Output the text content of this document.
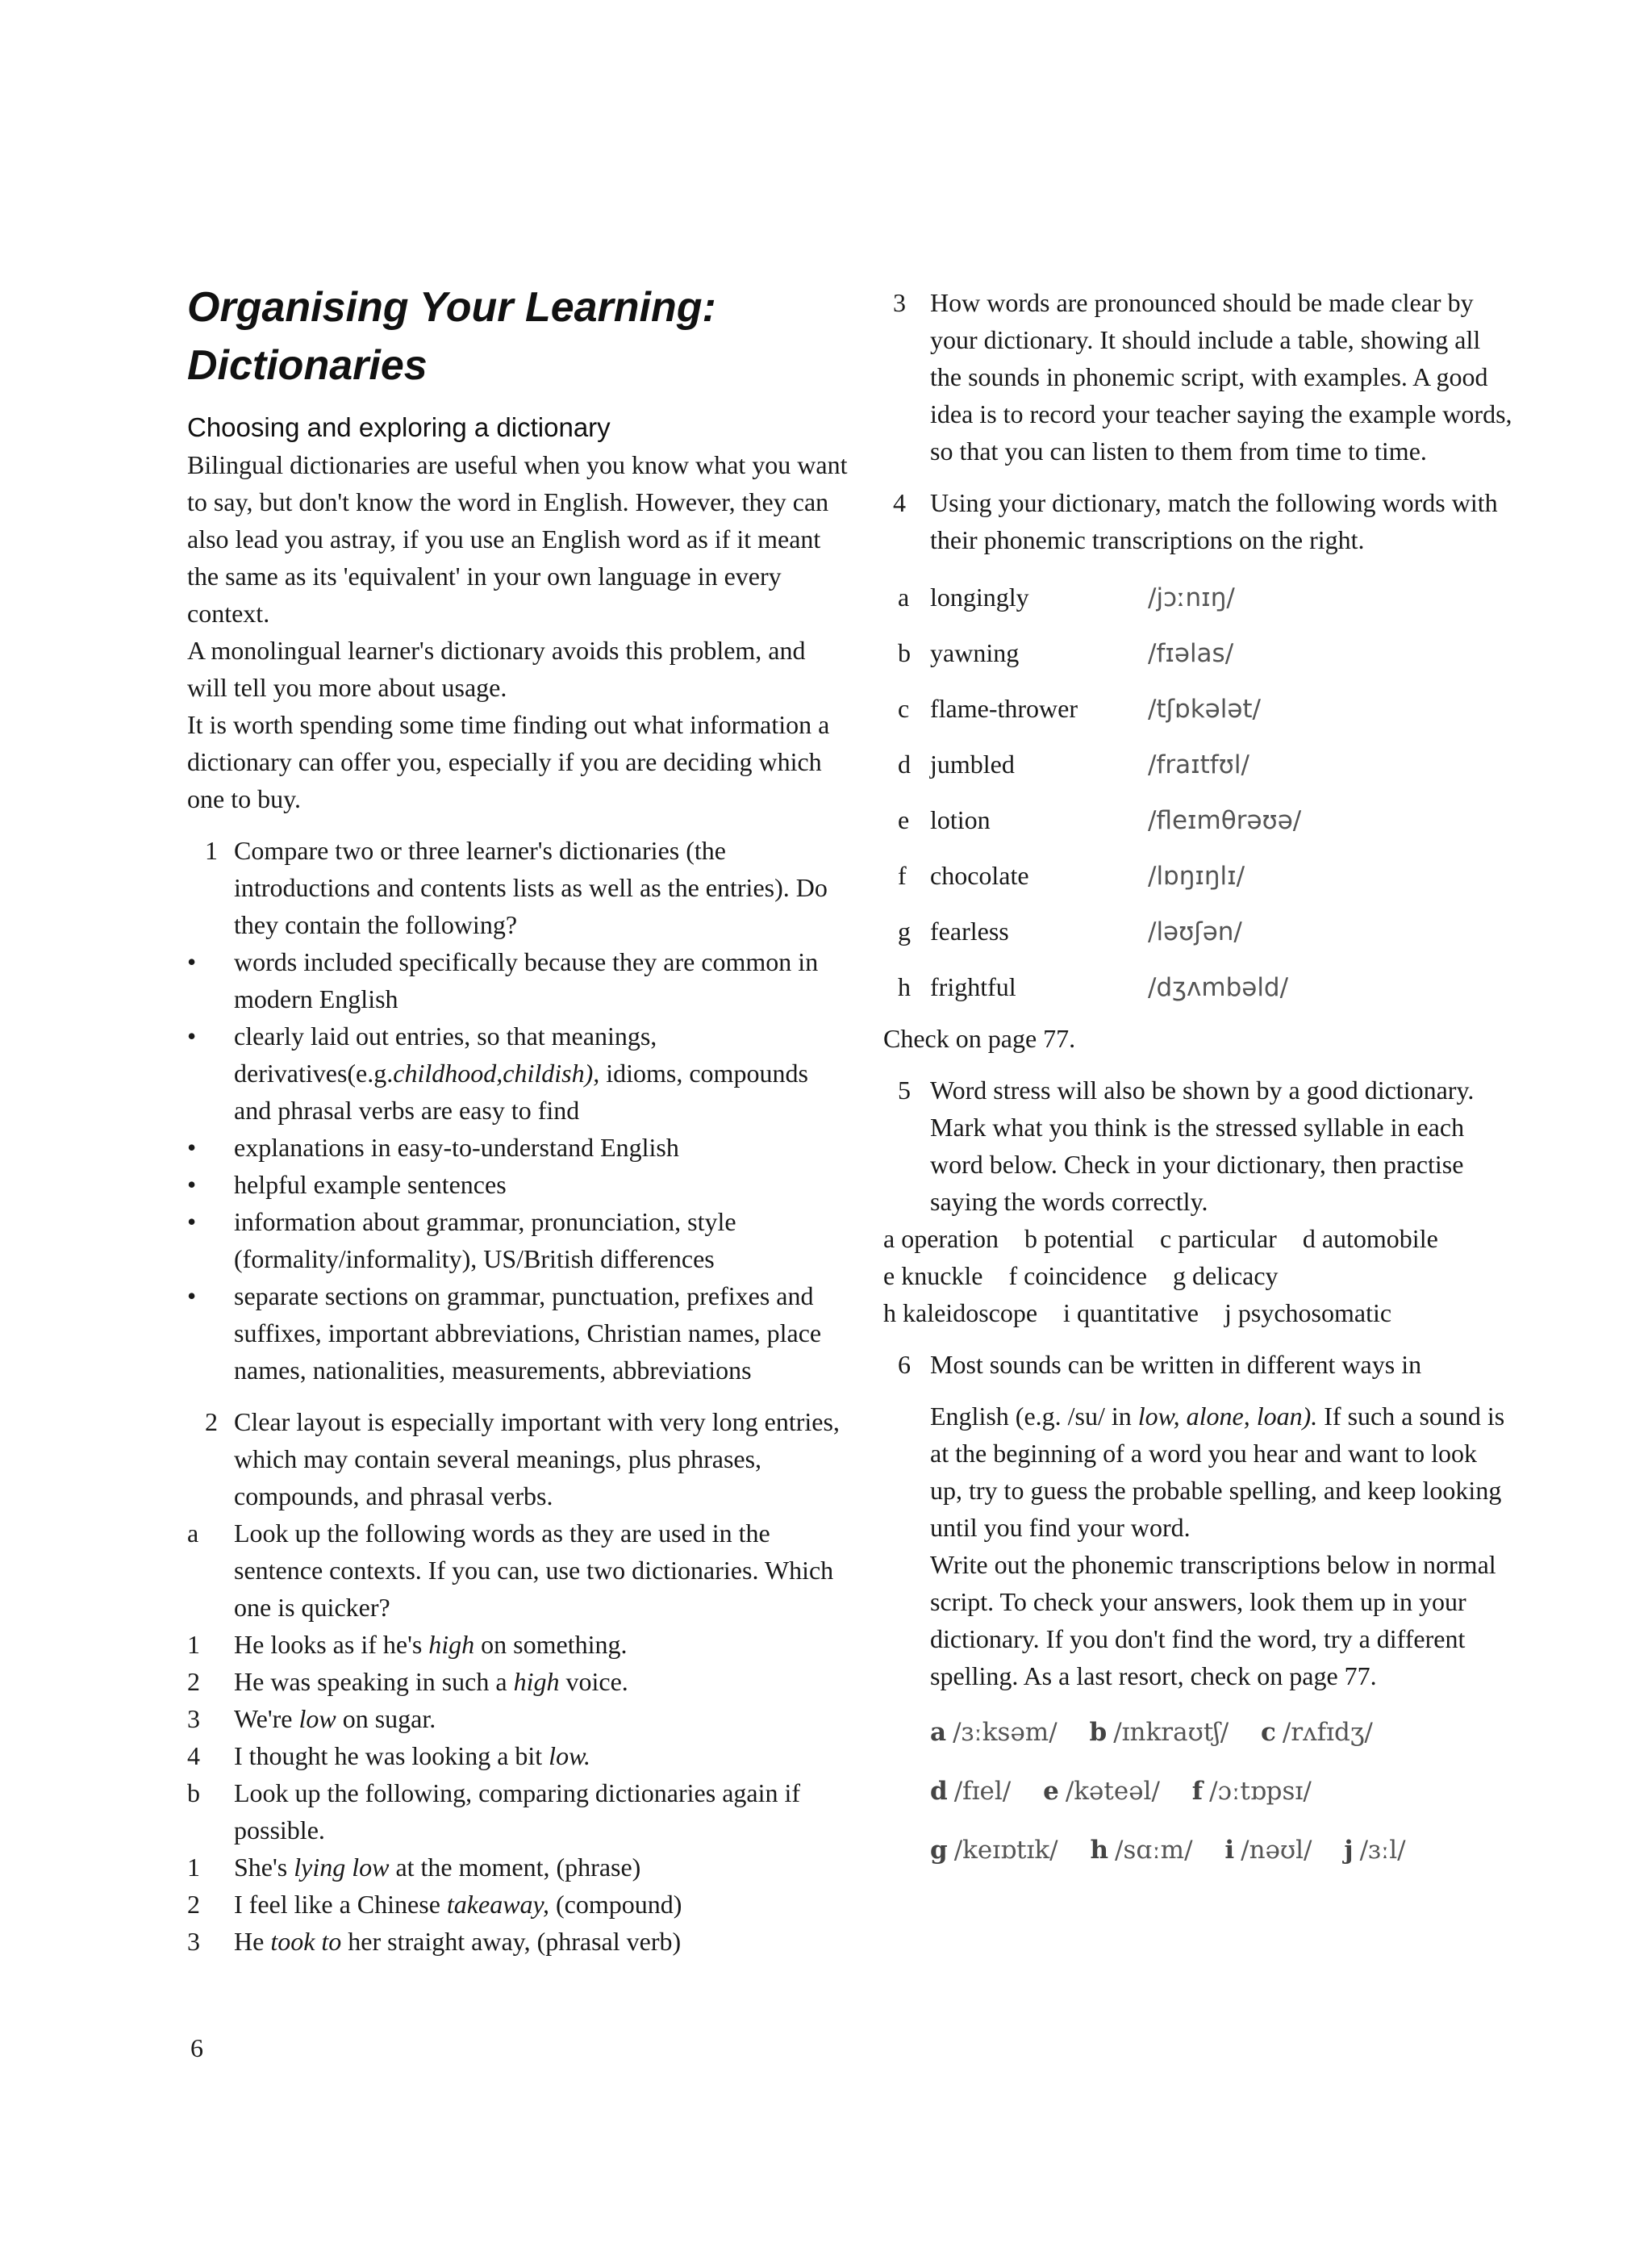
Organising Your Learning:
Dictionaries
Choosing and exploring a dictionary

Bilingual dictionaries are useful when you know what you want to say, but don't know the word in English. However, they can also lead you astray, if you use an English word as if it meant the same as its 'equivalent' in your own language in every context.

A monolingual learner's dictionary avoids this problem, and will tell you more about usage.

It is worth spending some time finding out what information a dictionary can offer you, especially if you are deciding which one to buy.

1 Compare two or three learner's dictionaries (the introductions and contents lists as well as the entries). Do they contain the following?
• words included specifically because they are common in modern English
• clearly laid out entries, so that meanings, derivatives(e.g.childhood,childish), idioms, compounds and phrasal verbs are easy to find
• explanations in easy-to-understand English
• helpful example sentences
• information about grammar, pronunciation, style (formality/informality), US/British differences
• separate sections on grammar, punctuation, prefixes and suffixes, important abbreviations, Christian names, place names, nationalities, measurements, abbreviations
2 Clear layout is especially important with very long entries, which may contain several meanings, plus phrases, compounds, and phrasal verbs.
a Look up the following words as they are used in the sentence contexts. If you can, use two dictionaries. Which one is quicker?
1 He looks as if he's high on something.
2 He was speaking in such a high voice.
3 We're low on sugar.
4 I thought he was looking a bit low.
b Look up the following, comparing dictionaries again if possible.
1 She's lying low at the moment, (phrase)
2 I feel like a Chinese takeaway, (compound)
3 He took to her straight away, (phrasal verb)
6
3 How words are pronounced should be made clear by your dictionary. It should include a table, showing all the sounds in phonemic script, with examples. A good idea is to record your teacher saying the example words, so that you can listen to them from time to time.
4 Using your dictionary, match the following words with their phonemic transcriptions on the right.
a longingly	/jɔːnɪŋ/
b yawning	/fɪəlas/
c flame-thrower	/tʃɒkələt/
d jumbled	/fraɪtfʊl/
e lotion	/fleɪmθrəʊə/
f chocolate	/lɒŋɪŋlɪ/
g fearless	/ləʊʃən/
h frightful	/dʒʌmbəld/
Check on page 77.
5 Word stress will also be shown by a good dictionary. Mark what you think is the stressed syllable in each word below. Check in your dictionary, then practise saying the words correctly.
a operation b potential c particular d automobile
e knuckle f coincidence g delicacy
h kaleidoscope i quantitative j psychosomatic
6 Most sounds can be written in different ways in
English (e.g. /su/ in low, alone, loan). If such a sound is at the beginning of a word you hear and want to look up, try to guess the probable spelling, and keep looking until you find your word.
Write out the phonemic transcriptions below in normal script. To check your answers, look them up in your dictionary. If you don't find the word, try a different spelling. As a last resort, check on page 77.
a /ɜːksəm/ b /ɪnkraʊtʃ/ c /rʌfɪdʒ/
d /fɪel/ e /kəteəl/ f /ɔːtɒpsɪ/
g /keɪɒtɪk/ h /sɑːm/ i /nəʊl/ j /ɜːl/
